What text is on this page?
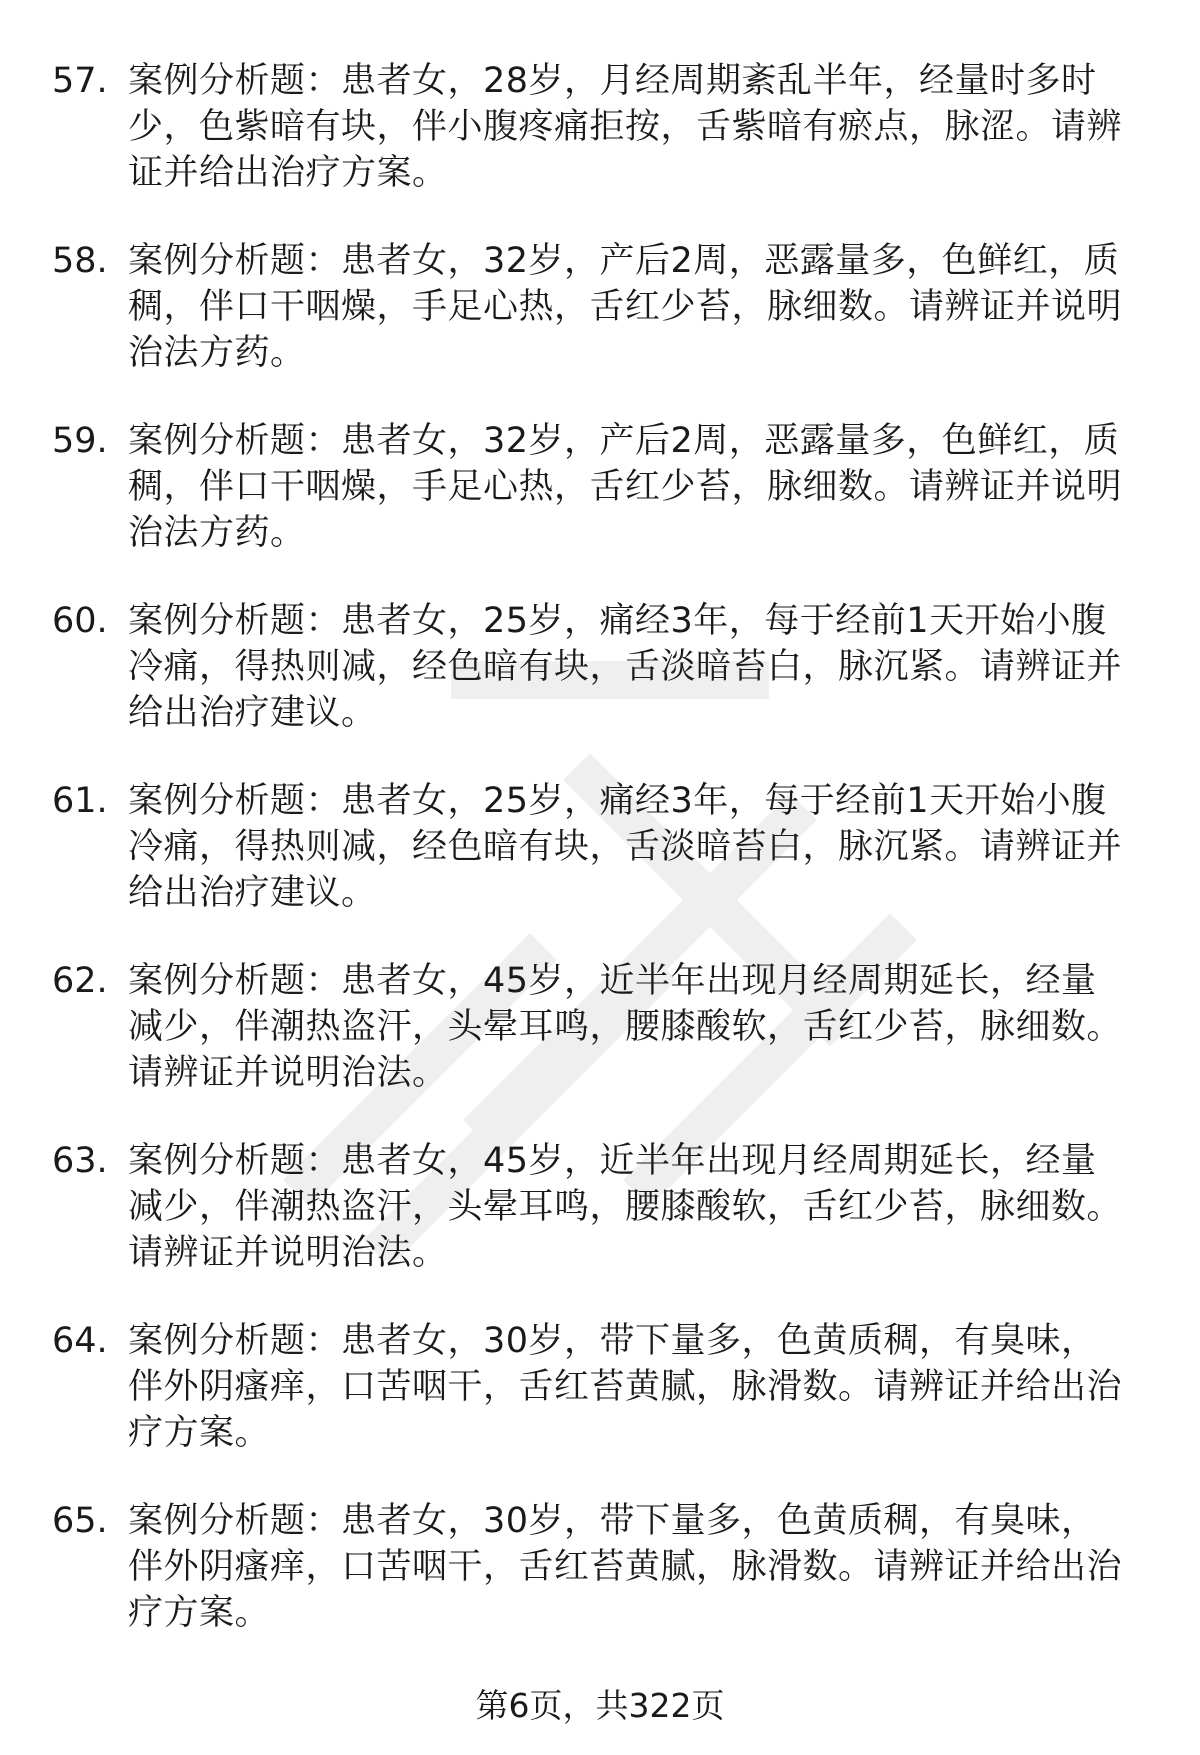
57. 案例分析题：患者女，28岁，月经周期紊乱半年，经量时多时少，色紫暗有块，伴小腹疼痛拒按，舌紫暗有瘀点，脉涩。请辨证并给出治疗方案。
58. 案例分析题：患者女，32岁，产后2周，恶露量多，色鲜红，质稠，伴口干咽燥，手足心热，舌红少苔，脉细数。请辨证并说明治法方药。
59. 案例分析题：患者女，32岁，产后2周，恶露量多，色鲜红，质稠，伴口干咽燥，手足心热，舌红少苔，脉细数。请辨证并说明治法方药。
60. 案例分析题：患者女，25岁，痛经3年，每于经前1天开始小腹冷痛，得热则减，经色暗有块，舌淡暗苔白，脉沉紧。请辨证并给出治疗建议。
61. 案例分析题：患者女，25岁，痛经3年，每于经前1天开始小腹冷痛，得热则减，经色暗有块，舌淡暗苔白，脉沉紧。请辨证并给出治疗建议。
62. 案例分析题：患者女，45岁，近半年出现月经周期延长，经量减少，伴潮热盗汗，头晕耳鸣，腰膝酸软，舌红少苔，脉细数。请辨证并说明治法。
63. 案例分析题：患者女，45岁，近半年出现月经周期延长，经量减少，伴潮热盗汗，头晕耳鸣，腰膝酸软，舌红少苔，脉细数。请辨证并说明治法。
64. 案例分析题：患者女，30岁，带下量多，色黄质稠，有臭味，伴外阴瘙痒，口苦咽干，舌红苔黄腻，脉滑数。请辨证并给出治疗方案。
65. 案例分析题：患者女，30岁，带下量多，色黄质稠，有臭味，伴外阴瘙痒，口苦咽干，舌红苔黄腻，脉滑数。请辨证并给出治疗方案。
第6页，共322页
